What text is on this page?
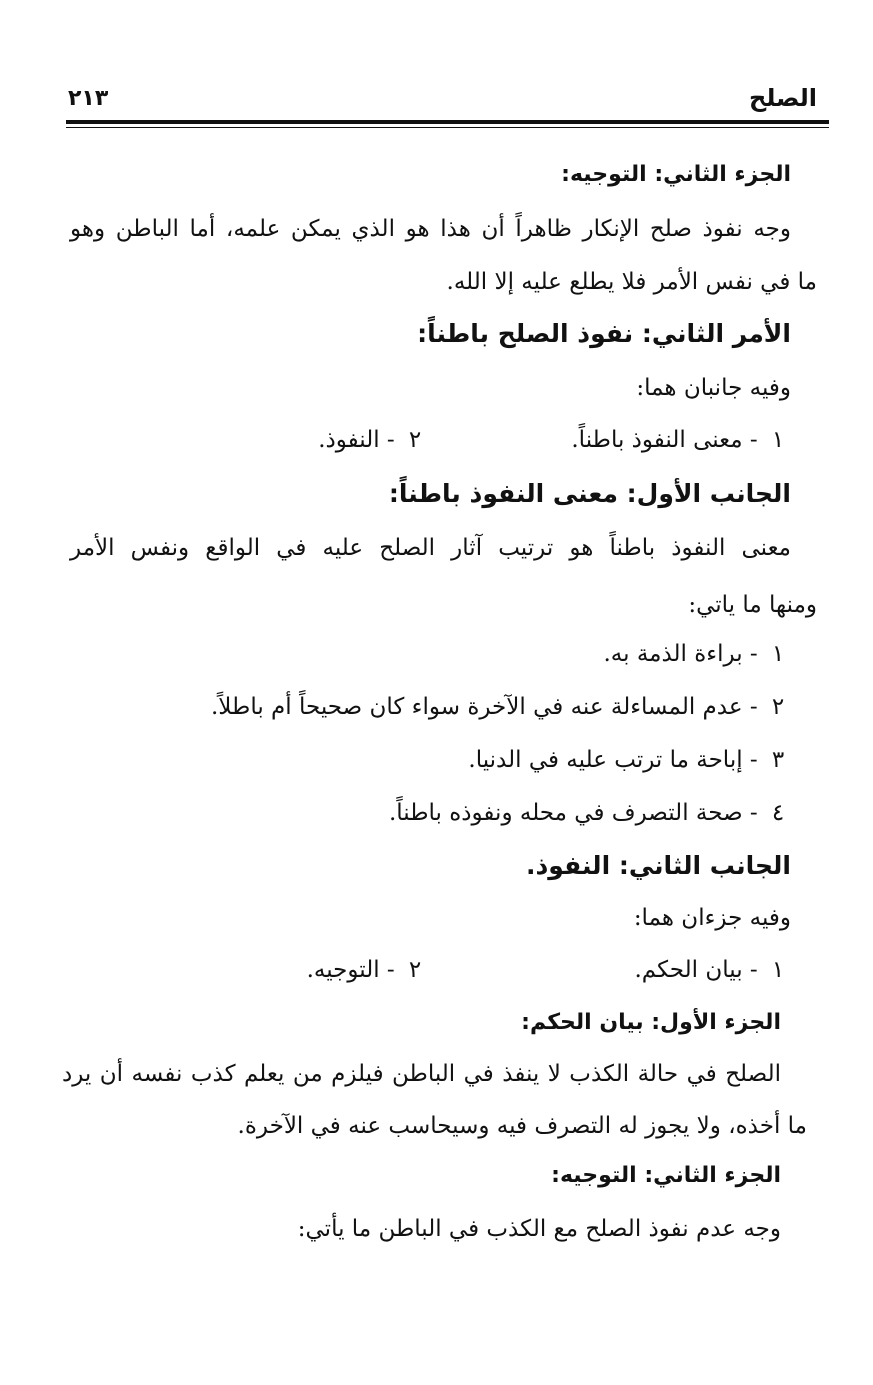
الصلح
٢١٣
الجزء الثاني: التوجيه:
وجه نفوذ صلح الإنكار ظاهراً أن هذا هو الذي يمكن علمه، أما الباطن وهو
ما في نفس الأمر فلا يطلع عليه إلا الله.
الأمر الثاني: نفوذ الصلح باطناً:
وفيه جانبان هما:
١ - معنى النفوذ باطناً.
٢ - النفوذ.
الجانب الأول: معنى النفوذ باطناً:
معنى النفوذ باطناً هو ترتيب آثار الصلح عليه في الواقع ونفس الأمر
ومنها ما ياتي:
١ - براءة الذمة به.
٢ - عدم المساءلة عنه في الآخرة سواء كان صحيحاً أم باطلاً.
٣ - إباحة ما ترتب عليه في الدنيا.
٤ - صحة التصرف في محله ونفوذه باطناً.
الجانب الثاني: النفوذ.
وفيه جزءان هما:
١ - بيان الحكم.
٢ - التوجيه.
الجزء الأول: بيان الحكم:
الصلح في حالة الكذب لا ينفذ في الباطن فيلزم من يعلم كذب نفسه أن يرد
ما أخذه، ولا يجوز له التصرف فيه وسيحاسب عنه في الآخرة.
الجزء الثاني: التوجيه:
وجه عدم نفوذ الصلح مع الكذب في الباطن ما يأتي:
